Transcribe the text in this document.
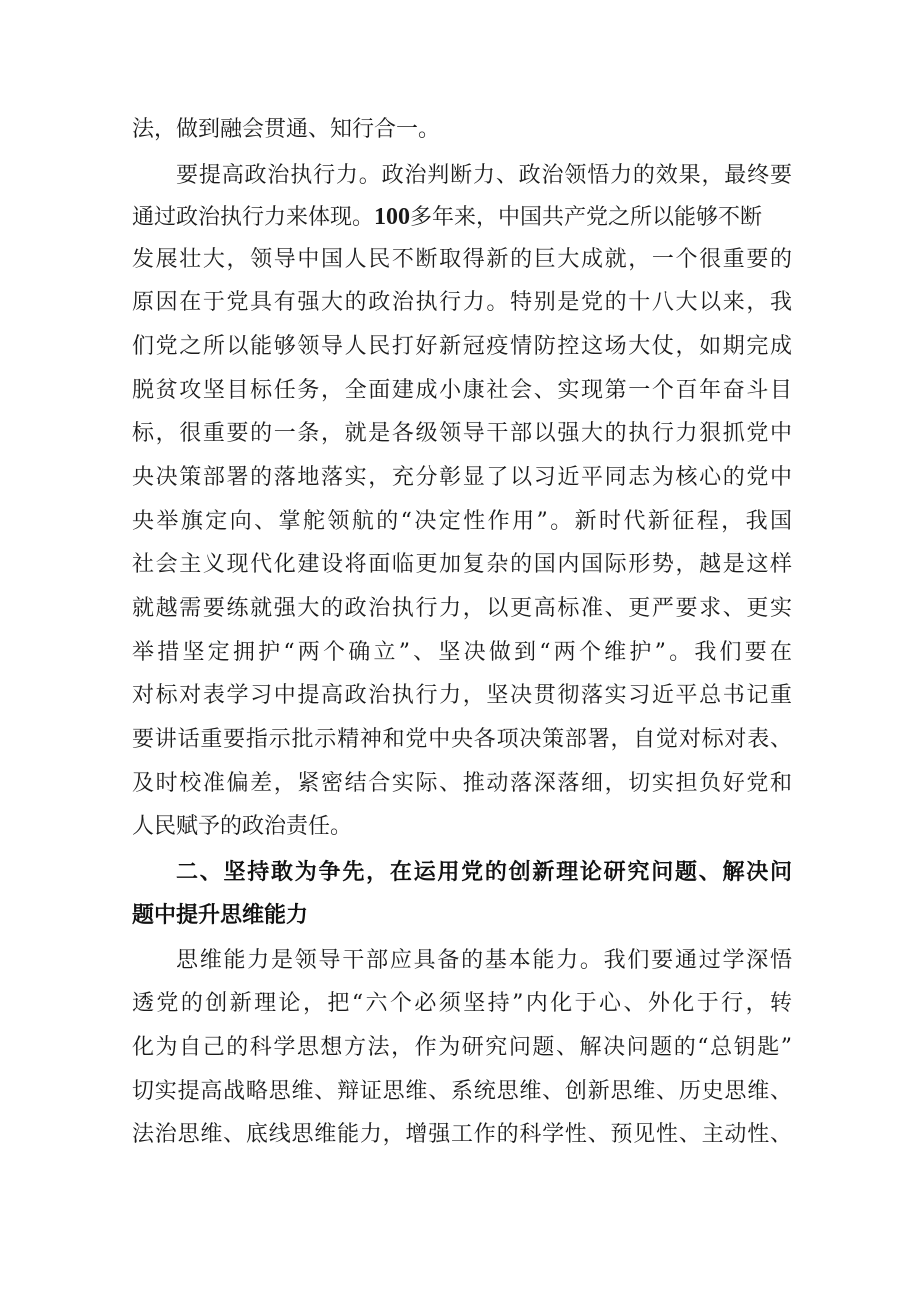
法，做到融会贯通、知行合一。
要提高政治执行力。政治判断力、政治领悟力的效果，最终要
通过政治执行力来体现。100多年来，中国共产党之所以能够不断
发展壮大，领导中国人民不断取得新的巨大成就，一个很重要的
原因在于党具有强大的政治执行力。特别是党的十八大以来，我
们党之所以能够领导人民打好新冠疫情防控这场大仗，如期完成
脱贫攻坚目标任务，全面建成小康社会、实现第一个百年奋斗目
标，很重要的一条，就是各级领导干部以强大的执行力狠抓党中
央决策部署的落地落实，充分彰显了以习近平同志为核心的党中
央举旗定向、掌舵领航的“决定性作用”。新时代新征程，我国
社会主义现代化建设将面临更加复杂的国内国际形势，越是这样
就越需要练就强大的政治执行力，以更高标准、更严要求、更实
举措坚定拥护“两个确立”、坚决做到“两个维护”。我们要在
对标对表学习中提高政治执行力，坚决贯彻落实习近平总书记重
要讲话重要指示批示精神和党中央各项决策部署，自觉对标对表、
及时校准偏差，紧密结合实际、推动落深落细，切实担负好党和
人民赋予的政治责任。
二、坚持敢为争先，在运用党的创新理论研究问题、解决问
题中提升思维能力
思维能力是领导干部应具备的基本能力。我们要通过学深悟
透党的创新理论，把“六个必须坚持”内化于心、外化于行，转
化为自己的科学思想方法，作为研究问题、解决问题的“总钥匙”
切实提高战略思维、辩证思维、系统思维、创新思维、历史思维、
法治思维、底线思维能力，增强工作的科学性、预见性、主动性、
